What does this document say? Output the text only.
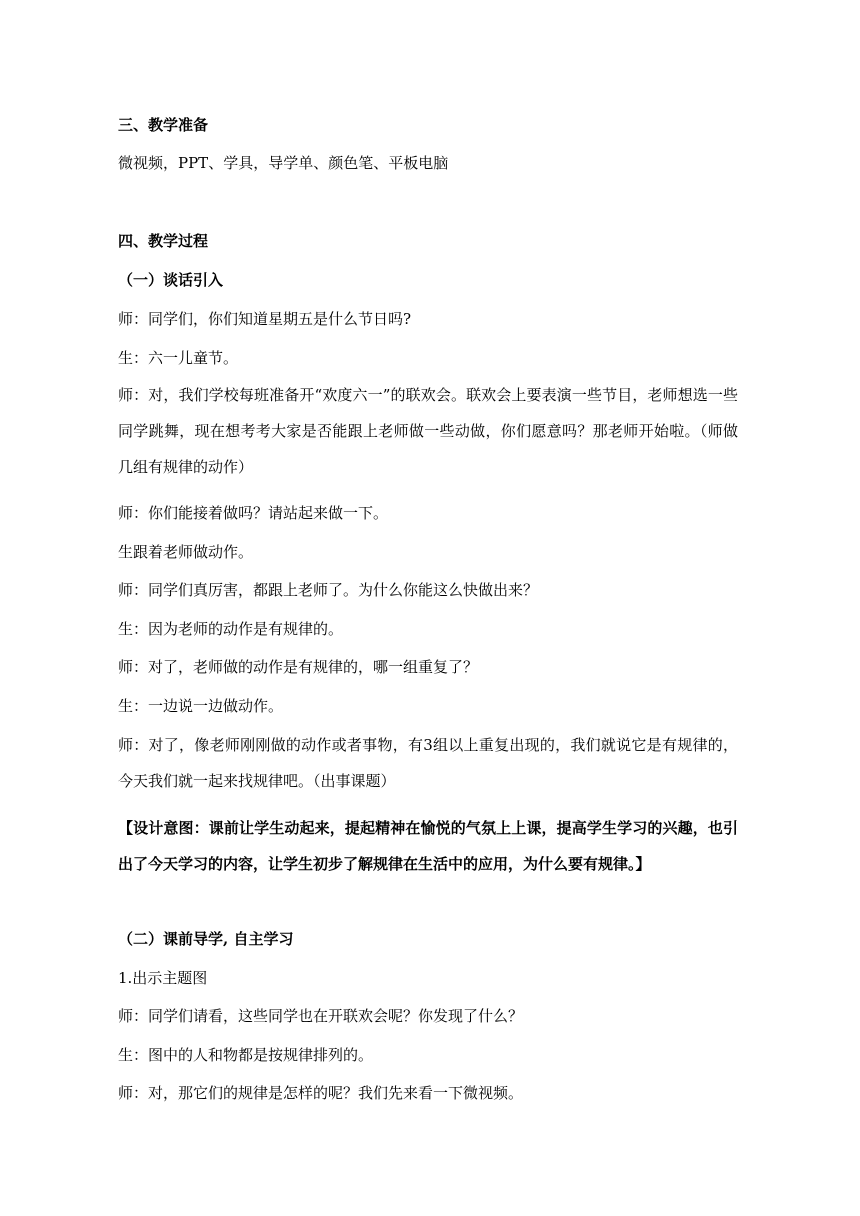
三、教学准备

微视频，PPT、学具，导学单、颜色笔、平板电脑

四、教学过程

（一）谈话引入

师：同学们，你们知道星期五是什么节日吗?

生：六一儿童节。

师：对，我们学校每班准备开“欢度六一”的联欢会。联欢会上要表演一些节目，老师想选一些同学跳舞，现在想考考大家是否能跟上老师做一些动做，你们愿意吗？那老师开始啦。（师做几组有规律的动作）

师：你们能接着做吗？请站起来做一下。

生跟着老师做动作。

师：同学们真厉害，都跟上老师了。为什么你能这么快做出来？

生：因为老师的动作是有规律的。

师：对了，老师做的动作是有规律的，哪一组重复了？

生：一边说一边做动作。

师：对了，像老师刚刚做的动作或者事物，有3组以上重复出现的，我们就说它是有规律的，今天我们就一起来找规律吧。（出事课题）

【设计意图：课前让学生动起来，提起精神在愉悦的气氛上上课，提高学生学习的兴趣，也引出了今天学习的内容，让学生初步了解规律在生活中的应用，为什么要有规律。】

（二）课前导学, 自主学习

1.出示主题图

师：同学们请看，这些同学也在开联欢会呢？你发现了什么？

生：图中的人和物都是按规律排列的。

师：对，那它们的规律是怎样的呢？我们先来看一下微视频。
